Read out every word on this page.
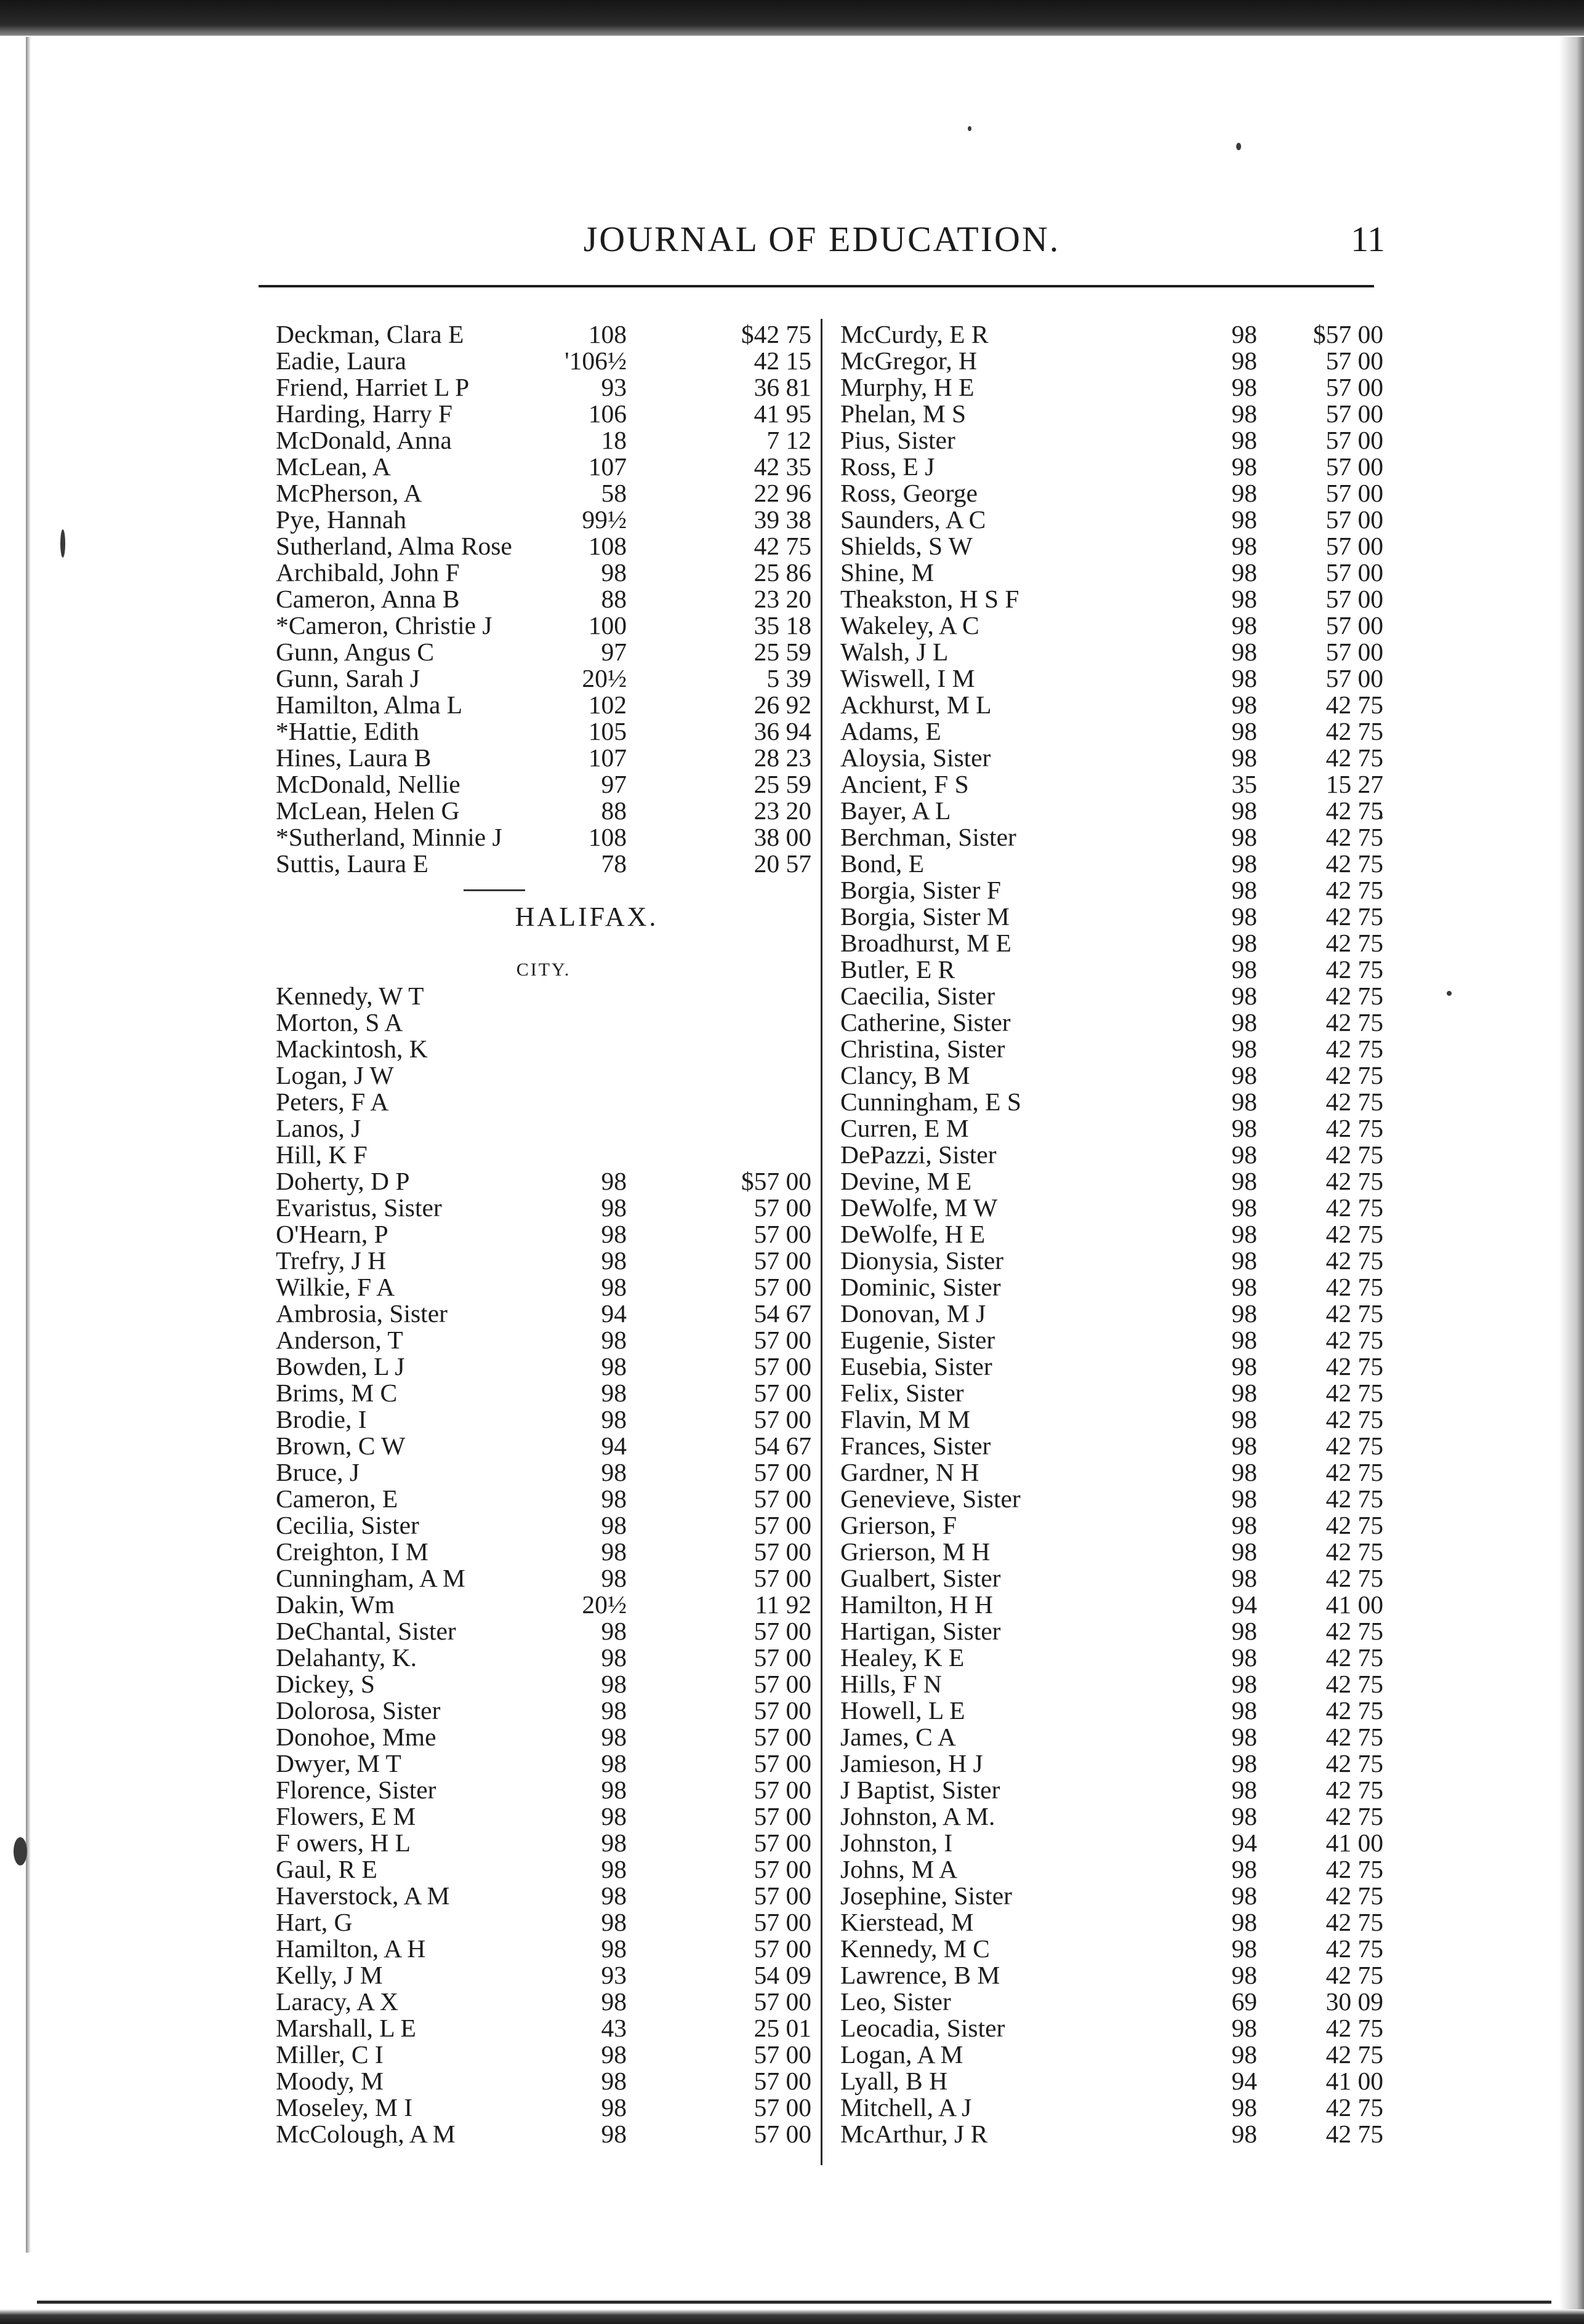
JOURNAL OF EDUCATION.	11
Deckman, Clara E	108	$42 75
Eadie, Laura	'106½	42 15
Friend, Harriet L P	93	36 81
Harding, Harry F	106	41 95
McDonald, Anna	18	7 12
McLean, A	107	42 35
McPherson, A	58	22 96
Pye, Hannah	99½	39 38
Sutherland, Alma Rose	108	42 75
Archibald, John F	98	25 86
Cameron, Anna B	88	23 20
*Cameron, Christie J	100	35 18
Gunn, Angus C	97	25 59
Gunn, Sarah J	20½	5 39
Hamilton, Alma L	102	26 92
*Hattie, Edith	105	36 94
Hines, Laura B	107	28 23
McDonald, Nellie	97	25 59
McLean, Helen G	88	23 20
*Sutherland, Minnie J	108	38 00
Suttis, Laura E	78	20 57
HALIFAX.
CITY.
Kennedy, W T
Morton, S A
Mackintosh, K
Logan, J W
Peters, F A
Lanos, J
Hill, K F
Doherty, D P	98	$57 00
Evaristus, Sister	98	57 00
O'Hearn, P	98	57 00
Trefry, J H	98	57 00
Wilkie, F A	98	57 00
Ambrosia, Sister	94	54 67
Anderson, T	98	57 00
Bowden, L J	98	57 00
Brims, M C	98	57 00
Brodie, I	98	57 00
Brown, C W	94	54 67
Bruce, J	98	57 00
Cameron, E	98	57 00
Cecilia, Sister	98	57 00
Creighton, I M	98	57 00
Cunningham, A M	98	57 00
Dakin, Wm	20½	11 92
DeChantal, Sister	98	57 00
Delahanty, K.	98	57 00
Dickey, S	98	57 00
Dolorosa, Sister	98	57 00
Donohoe, Mme	98	57 00
Dwyer, M T	98	57 00
Florence, Sister	98	57 00
Flowers, E M	98	57 00
F owers, H L	98	57 00
Gaul, R E	98	57 00
Haverstock, A M	98	57 00
Hart, G	98	57 00
Hamilton, A H	98	57 00
Kelly, J M	93	54 09
Laracy, A X	98	57 00
Marshall, L E	43	25 01
Miller, C I	98	57 00
Moody, M	98	57 00
Moseley, M I	98	57 00
McColough, A M	98	57 00
McCurdy, E R	98 $57 00
McGregor, H	98	57 00
Murphy, H E	98	57 00
Phelan, M S	98	57 00
Pius, Sister	98	57 00
Ross, E J	98	57 00
Ross, George	98	57 00
Saunders, A C	98	57 00
Shields, S W	98	57 00
Shine, M	98	57 00
Theakston, H S F	98	57 00
Wakeley, A C	98	57 00
Walsh, J L	98	57 00
Wiswell, I M	98	57 00
Ackhurst, M L	98	42 75
Adams, E	98	42 75
Aloysia, Sister	98	42 75
Ancient, F S	35	15 27
Bayer, A L	98	42 75
Berchman, Sister	98	42 75
Bond, E	98	42 75
Borgia, Sister F	98	42 75
Borgia, Sister M	98	42 75
Broadhurst, M E	98	42 75
Butler, E R	98	42 75
Caecilia, Sister	98	42 75
Catherine, Sister	98	42 75
Christina, Sister	98	42 75
Clancy, B M	98	42 75
Cunningham, E S	98	42 75
Curren, E M	98	42 75
DePazzi, Sister	98	42 75
Devine, M E	98	42 75
DeWolfe, M W	98	42 75
DeWolfe, H E	98	42 75
Dionysia, Sister	98	42 75
Dominic, Sister	98	42 75
Donovan, M J	98	42 75
Eugenie, Sister	98	42 75
Eusebia, Sister	98	42 75
Felix, Sister	98	42 75
Flavin, M M	98	42 75
Frances, Sister	98	42 75
Gardner, N H	98	42 75
Genevieve, Sister	98	42 75
Grierson, F	98	42 75
Grierson, M H	98	42 75
Gualbert, Sister	98	42 75
Hamilton, H H	94	41 00
Hartigan, Sister	98	42 75
Healey, K E	98	42 75
Hills, F N	98	42 75
Howell, L E	98	42 75
James, C A	98	42 75
Jamieson, H J	98	42 75
J Baptist, Sister	98	42 75
Johnston, A M.	98	42 75
Johnston, I	94	41 00
Johns, M A	98	42 75
Josephine, Sister	98	42 75
Kierstead, M	98	42 75
Kennedy, M C	98	42 75
Lawrence, B M	98	42 75
Leo, Sister	69	30 09
Leocadia, Sister	98	42 75
Logan, A M	98	42 75
Lyall, B H	94	41 00
Mitchell, A J	98	42 75
McArthur, J R	98	42 75
